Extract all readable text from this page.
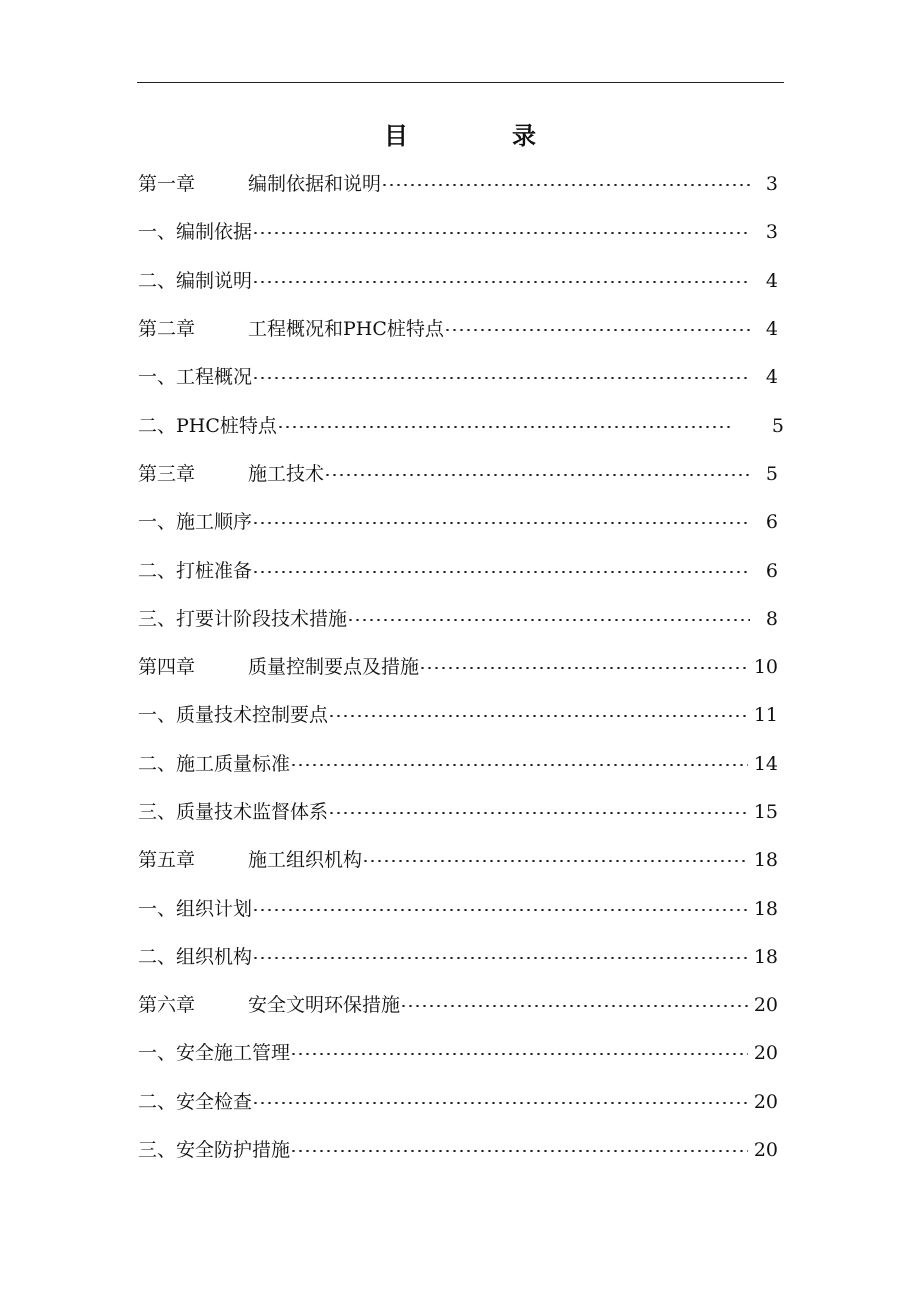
目　录
第一章	编制依据和说明	3
一、编制依据	3
二、编制说明	4
第二章	工程概况和PHC桩特点	4
一、工程概况	4
二、PHC桩特点	5
第三章	施工技术	5
一、施工顺序	6
二、打桩准备	6
三、打要计阶段技术措施	8
第四章	质量控制要点及措施	10
一、质量技术控制要点	11
二、施工质量标准	14
三、质量技术监督体系	15
第五章	施工组织机构	18
一、组织计划	18
二、组织机构	18
第六章	安全文明环保措施	20
一、安全施工管理	20
二、安全检查	20
三、安全防护措施	20
